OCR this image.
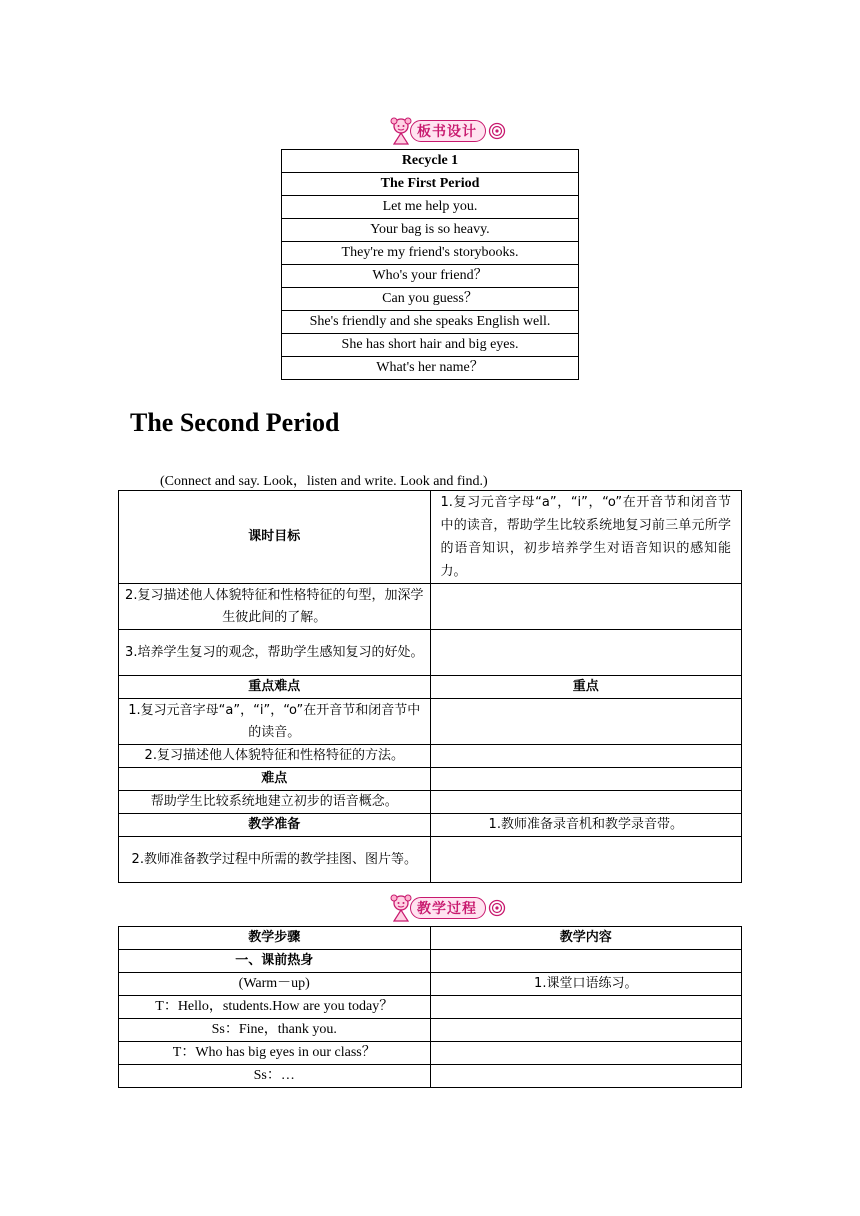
板书设计
Recycle 1
The First Period
Let me help you.
Your bag is so heavy.
They're my friend's storybooks.
Who's your friend？
Can you guess？
She's friendly and she speaks English well.
She has short hair and big eyes.
What's her name？
The Second Period

(Connect and say. Look，listen and write. Look and find.)

课时目标	1.复习元音字母“a”，“i”，“o”在开音节和闭音节中的读音，帮助学生比较系统地复习前三单元所学的语音知识，初步培养学生对语音知识的感知能力。
2.复习描述他人体貌特征和性格特征的句型，加深学生彼此间的了解。	
3.培养学生复习的观念，帮助学生感知复习的好处。	
重点难点	重点
1.复习元音字母“a”，“i”，“o”在开音节和闭音节中的读音。	
2.复习描述他人体貌特征和性格特征的方法。	
难点	
帮助学生比较系统地建立初步的语音概念。	
教学准备	1.教师准备录音机和教学录音带。
2.教师准备教学过程中所需的教学挂图、图片等。	
教学过程
教学步骤	教学内容
一、课前热身	
(Warm－up)	1.课堂口语练习。
T：Hello，students.How are you today？	
Ss：Fine，thank you.	
T：Who has big eyes in our class？	
Ss：…	
